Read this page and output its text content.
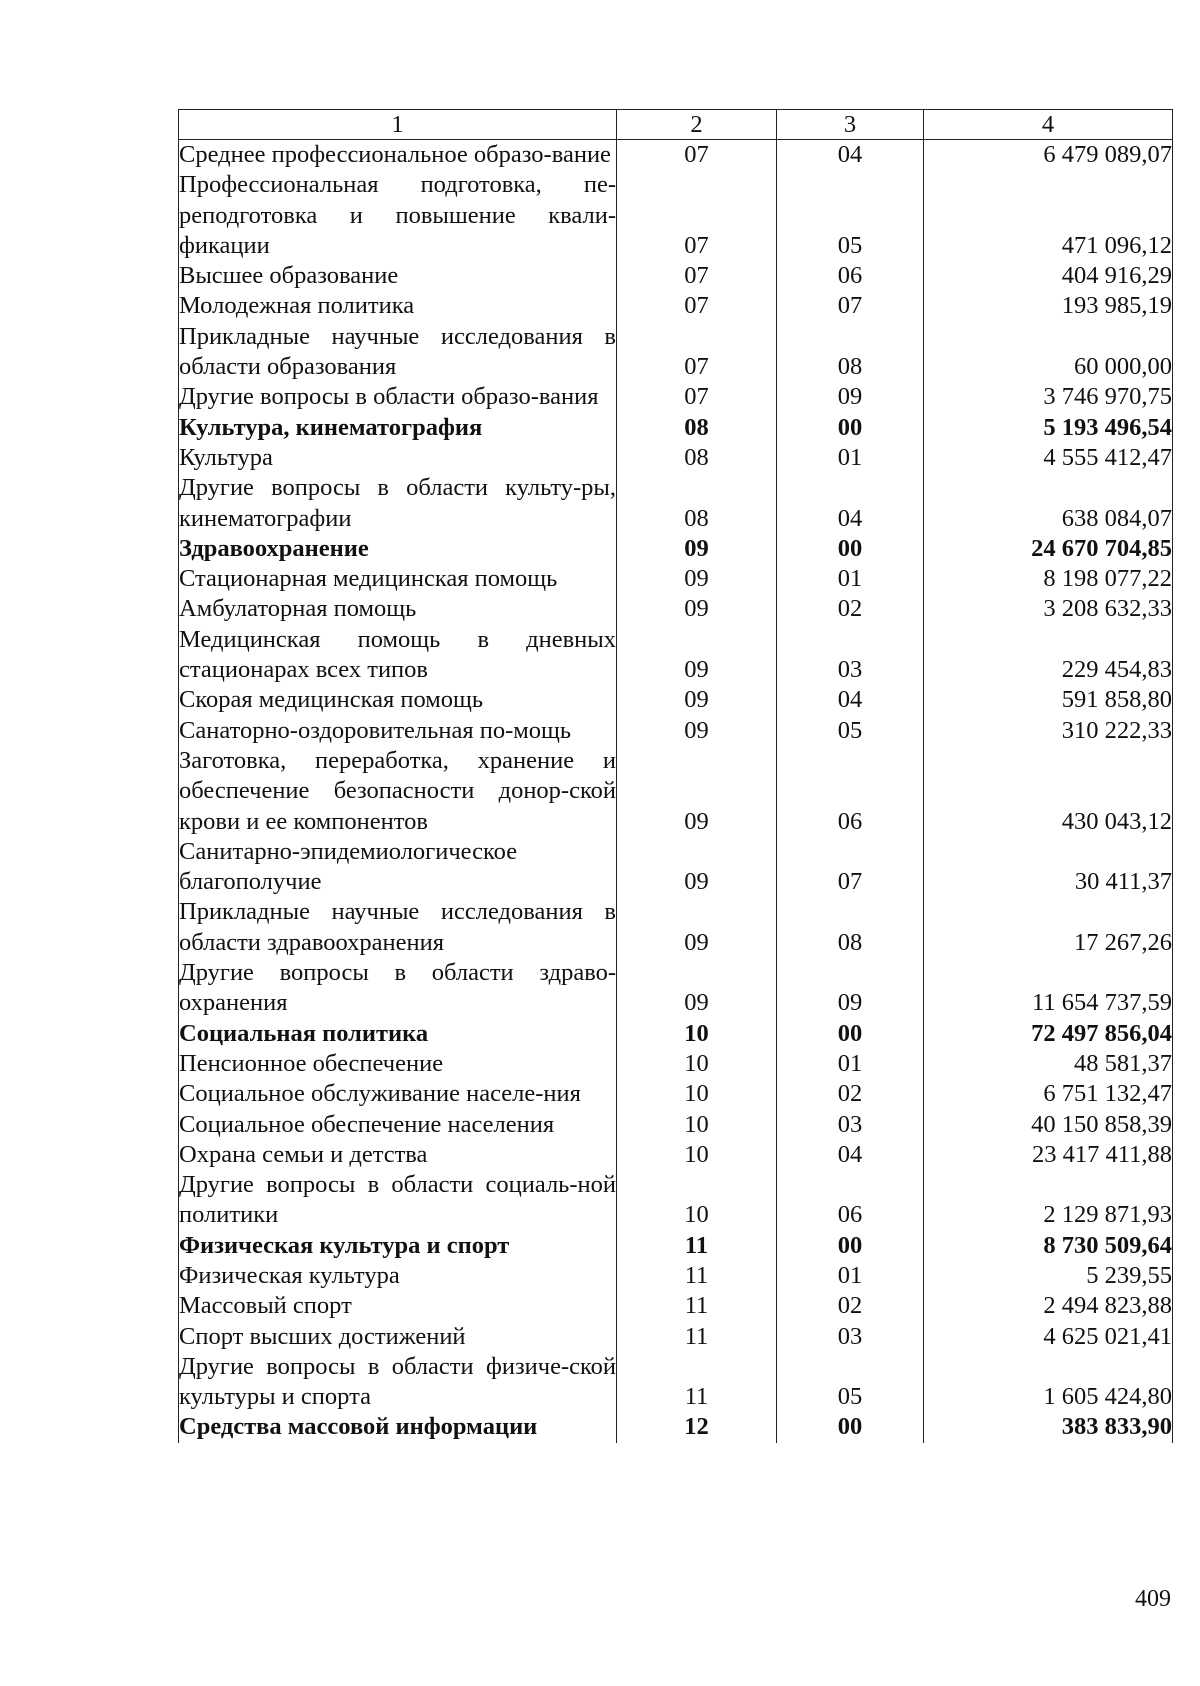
1	2	3	4
Среднее профессиональное образо-вание	07	04	6 479 089,07
Профессиональная подготовка, пе-реподготовка и повышение квали-фикации	07	05	471 096,12
Высшее образование	07	06	404 916,29
Молодежная политика	07	07	193 985,19
Прикладные научные исследования в области образования	07	08	60 000,00
Другие вопросы в области образо-вания	07	09	3 746 970,75
Культура, кинематография	08	00	5 193 496,54
Культура	08	01	4 555 412,47
Другие вопросы в области культу-ры, кинематографии	08	04	638 084,07
Здравоохранение	09	00	24 670 704,85
Стационарная медицинская помощь	09	01	8 198 077,22
Амбулаторная помощь	09	02	3 208 632,33
Медицинская помощь в дневных стационарах всех типов	09	03	229 454,83
Скорая медицинская помощь	09	04	591 858,80
Санаторно-оздоровительная по-мощь	09	05	310 222,33
Заготовка, переработка, хранение и обеспечение безопасности донор-ской крови и ее компонентов	09	06	430 043,12
Санитарно-эпидемиологическое благополучие	09	07	30 411,37
Прикладные научные исследования в области здравоохранения	09	08	17 267,26
Другие вопросы в области здраво-охранения	09	09	11 654 737,59
Социальная политика	10	00	72 497 856,04
Пенсионное обеспечение	10	01	48 581,37
Социальное обслуживание населе-ния	10	02	6 751 132,47
Социальное обеспечение населения	10	03	40 150 858,39
Охрана семьи и детства	10	04	23 417 411,88
Другие вопросы в области социаль-ной политики	10	06	2 129 871,93
Физическая культура и спорт	11	00	8 730 509,64
Физическая культура	11	01	5 239,55
Массовый спорт	11	02	2 494 823,88
Спорт высших достижений	11	03	4 625 021,41
Другие вопросы в области физиче-ской культуры и спорта	11	05	1 605 424,80
Средства массовой информации	12	00	383 833,90
409
